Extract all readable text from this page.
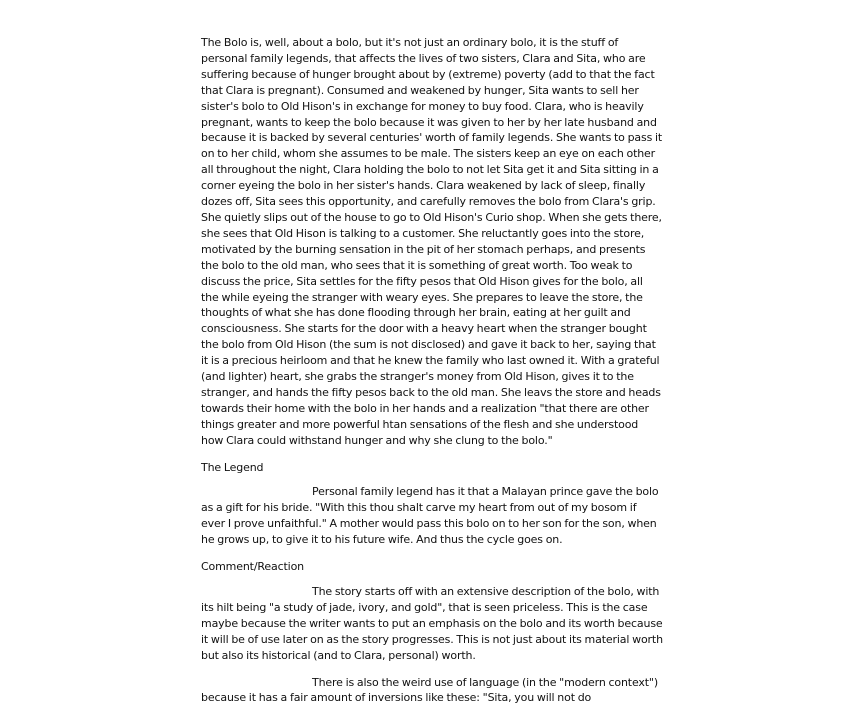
The Bolo is, well, about a bolo, but it's not just an ordinary bolo, it is the stuff of personal family legends, that affects the lives of two sisters, Clara and Sita, who are suffering because of hunger brought about by (extreme) poverty (add to that the fact that Clara is pregnant). Consumed and weakened by hunger, Sita wants to sell her sister's bolo to Old Hison's in exchange for money to buy food. Clara, who is heavily pregnant, wants to keep the bolo because it was given to her by her late husband and because it is backed by several centuries' worth of family legends. She wants to pass it on to her child, whom she assumes to be male. The sisters keep an eye on each other all throughout the night, Clara holding the bolo to not let Sita get it and Sita sitting in a corner eyeing the bolo in her sister's hands. Clara weakened by lack of sleep, finally dozes off, Sita sees this opportunity, and carefully removes the bolo from Clara's grip. She quietly slips out of the house to go to Old Hison's Curio shop. When she gets there, she sees that Old Hison is talking to a customer. She reluctantly goes into the store, motivated by the burning sensation in the pit of her stomach perhaps, and presents the bolo to the old man, who sees that it is something of great worth. Too weak to discuss the price, Sita settles for the fifty pesos that Old Hison gives for the bolo, all the while eyeing the stranger with weary eyes. She prepares to leave the store, the thoughts of what she has done flooding through her brain, eating at her guilt and consciousness. She starts for the door with a heavy heart when the stranger bought the bolo from Old Hison (the sum is not disclosed) and gave it back to her, saying that it is a precious heirloom and that he knew the family who last owned it. With a grateful (and lighter) heart, she grabs the stranger's money from Old Hison, gives it to the stranger, and hands the fifty pesos back to the old man. She leavs the store and heads towards their home with the bolo in her hands and a realization "that there are other things greater and more powerful htan sensations of the flesh and she understood how Clara could withstand hunger and why she clung to the bolo."

The Legend

Personal family legend has it that a Malayan prince gave the bolo as a gift for his bride. "With this thou shalt carve my heart from out of my bosom if ever I prove unfaithful." A mother would pass this bolo on to her son for the son, when he grows up, to give it to his future wife. And thus the cycle goes on.

Comment/Reaction

The story starts off with an extensive description of the bolo, with its hilt being "a study of jade, ivory, and gold", that is seen priceless. This is the case maybe because the writer wants to put an emphasis on the bolo and its worth because it will be of use later on as the story progresses. This is not just about its material worth but also its historical (and to Clara, personal) worth.

There is also the weird use of language (in the "modern context") because it has a fair amount of inversions like these: "Sita, you will not do
